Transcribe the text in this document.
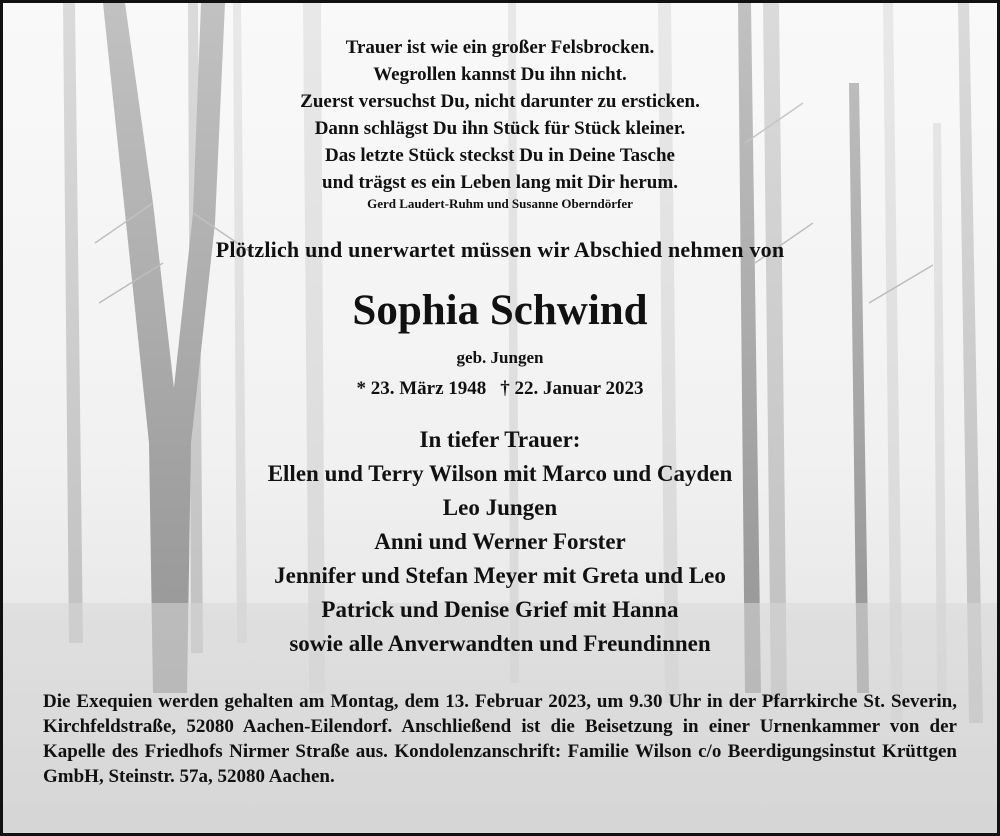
Trauer ist wie ein großer Felsbrocken.
Wegrollen kannst Du ihn nicht.
Zuerst versuchst Du, nicht darunter zu ersticken.
Dann schlägst Du ihn Stück für Stück kleiner.
Das letzte Stück steckst Du in Deine Tasche
und trägst es ein Leben lang mit Dir herum.
Gerd Laudert-Ruhm und Susanne Oberndörfer
Plötzlich und unerwartet müssen wir Abschied nehmen von
Sophia Schwind
geb. Jungen
* 23. März 1948 † 22. Januar 2023
In tiefer Trauer:
Ellen und Terry Wilson mit Marco und Cayden
Leo Jungen
Anni und Werner Forster
Jennifer und Stefan Meyer mit Greta und Leo
Patrick und Denise Grief mit Hanna
sowie alle Anverwandten und Freundinnen
Die Exequien werden gehalten am Montag, dem 13. Februar 2023, um 9.30 Uhr in der Pfarrkirche St. Severin, Kirchfeldstraße, 52080 Aachen-Eilendorf. Anschließend ist die Beisetzung in einer Urnenkammer von der Kapelle des Friedhofs Nirmer Straße aus. Kondolenzanschrift: Familie Wilson c/o Beerdigungsinstut Krüttgen GmbH, Steinstr. 57a, 52080 Aachen.
